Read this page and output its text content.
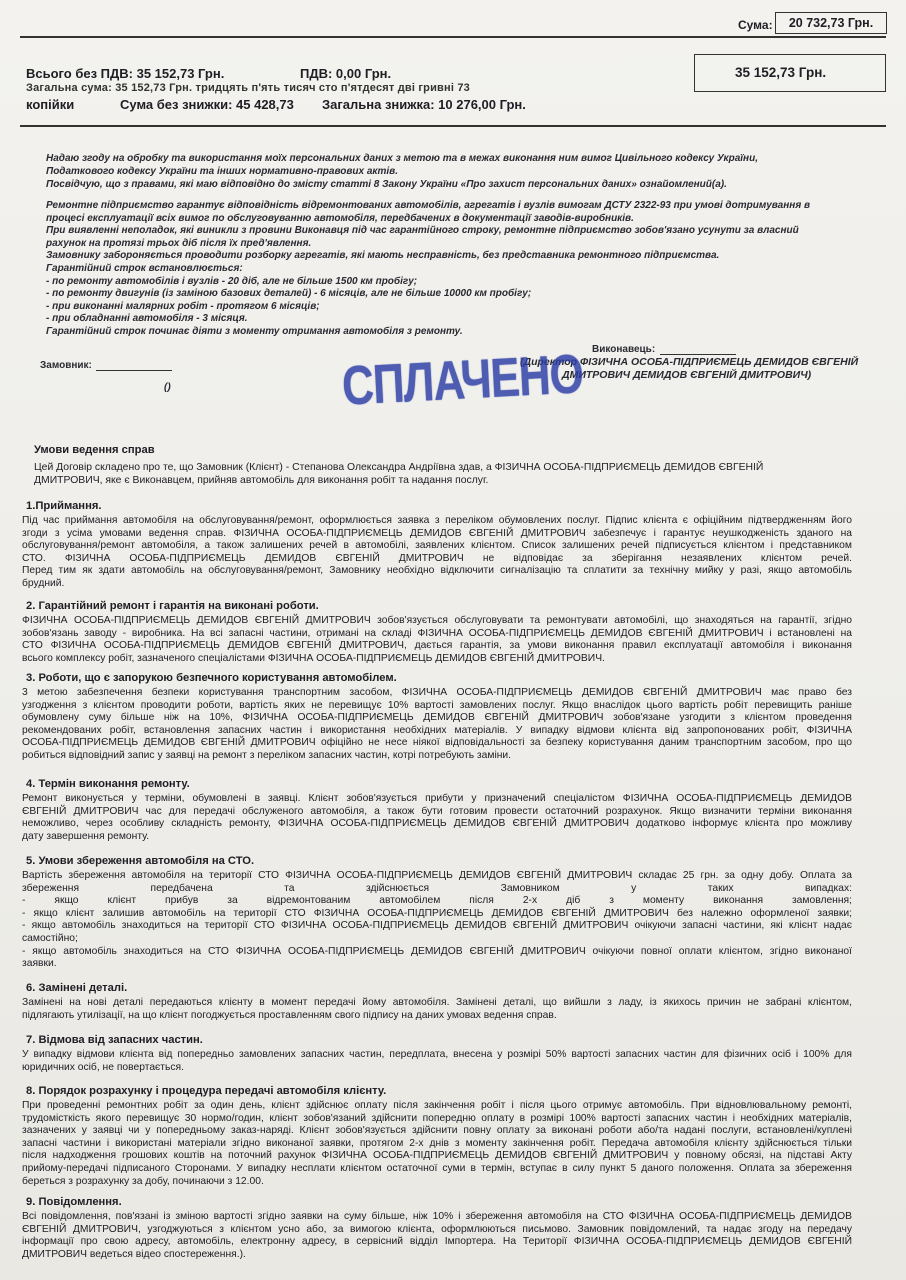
Сума:	20 732,73 Грн.
Всього без ПДВ: 35 152,73 Грн.	ПДВ: 0,00 Грн.	35 152,73 Грн.
Загальна сума: 35 152,73 Грн. тридцять п'ять тисяч сто п'ятдесят дві гривні 73
копійки	Сума без знижки: 45 428,73 Загальна знижка: 10 276,00 Грн.
Надаю згоду на обробку та використання моїх персональних даних з метою та в межах виконання ним вимог Цивільного кодексу України,
Податкового кодексу України та інших нормативно-правових актів.
Посвідчую, що з правами, які маю відповідно до змісту статті 8 Закону України «Про захист персональних даних» ознайомлений(а).
Ремонтне підприємство гарантує відповідність відремонтованих автомобілів, агрегатів і вузлів вимогам ДСТУ 2322-93 при умові дотримування в
процесі експлуатації всіх вимог по обслуговуванню автомобіля, передбачених в документації заводів-виробників.
При виявленні неполадок, які виникли з провини Виконавця під час гарантійного строку, ремонтне підприємство зобов'язано усунути за власний
рахунок на протязі трьох діб після їх пред'явлення.
Замовнику забороняється проводити розборку агрегатів, які мають несправність, без представника ремонтного підприємства.
Гарантійний строк встановлюється:
- по ремонту автомобілів і вузлів - 20 діб, але не більше 1500 км пробігу;
- по ремонту двигунів (із заміною базових деталей) - 6 місяців, але не більше 10000 км пробігу;
- при виконанні малярних робіт - протягом 6 місяців;
- при обладнанні автомобіля - 3 місяця.
Гарантійний строк починає діяти з моменту отримання автомобіля з ремонту.
Замовник:
()
Виконавець:
(Директор ФІЗИЧНА ОСОБА-ПІДПРИЄМЕЦЬ ДЕМИДОВ ЄВГЕНІЙ
ДМИТРОВИЧ ДЕМИДОВ ЄВГЕНІЙ ДМИТРОВИЧ)
СПЛАЧЕНО
Умови ведення справ
Цей Договір складено про те, що Замовник (Клієнт) - Степанова Олександра Андріївна здав, а ФІЗИЧНА ОСОБА-ПІДПРИЄМЕЦЬ ДЕМИДОВ ЄВГЕНІЙ
ДМИТРОВИЧ, яке є Виконавцем, прийняв автомобіль для виконання робіт та надання послуг.
1.Приймання.
Під час приймання автомобіля на обслуговування/ремонт, оформлюється заявка з переліком обумовлених послуг. Підпис клієнта є офіційним підтвердженням його
згоди з усіма умовами ведення справ. ФІЗИЧНА ОСОБА-ПІДПРИЄМЕЦЬ ДЕМИДОВ ЄВГЕНІЙ ДМИТРОВИЧ забезпечує і гарантує неушкодженість зданого на
обслуговування/ремонт автомобіля, а також залишених речей в автомобілі, заявлених клієнтом. Список залишених речей підписується клієнтом і представником
СТО. ФІЗИЧНА ОСОБА-ПІДПРИЄМЕЦЬ ДЕМИДОВ ЄВГЕНІЙ ДМИТРОВИЧ не відповідає за зберігання незаявлених клієнтом речей.
Перед тим як здати автомобіль на обслуговування/ремонт, Замовнику необхідно відключити сигналізацію та сплатити за технічну мийку у разі, якщо автомобіль
брудний.
2. Гарантійний ремонт і гарантія на виконані роботи.
ФІЗИЧНА ОСОБА-ПІДПРИЄМЕЦЬ ДЕМИДОВ ЄВГЕНІЙ ДМИТРОВИЧ зобов'язується обслуговувати та ремонтувати автомобілі, що знаходяться на гарантії, згідно
зобов'язань заводу - виробника. На всі запасні частини, отримані на складі ФІЗИЧНА ОСОБА-ПІДПРИЄМЕЦЬ ДЕМИДОВ ЄВГЕНІЙ ДМИТРОВИЧ і встановлені на
СТО ФІЗИЧНА ОСОБА-ПІДПРИЄМЕЦЬ ДЕМИДОВ ЄВГЕНІЙ ДМИТРОВИЧ, дається гарантія, за умови виконання правил експлуатації автомобіля і виконання
всього комплексу робіт, зазначеного спеціалістами ФІЗИЧНА ОСОБА-ПІДПРИЄМЕЦЬ ДЕМИДОВ ЄВГЕНІЙ ДМИТРОВИЧ.
3. Роботи, що є запорукою безпечного користування автомобілем.
3 метою забезпечення безпеки користування транспортним засобом, ФІЗИЧНА ОСОБА-ПІДПРИЄМЕЦЬ ДЕМИДОВ ЄВГЕНІЙ ДМИТРОВИЧ має право без
узгодження з клієнтом проводити роботи, вартість яких не перевищує 10% вартості замовлених послуг. Якщо внаслідок цього вартість робіт перевищить раніше
обумовлену суму більше ніж на 10%, ФІЗИЧНА ОСОБА-ПІДПРИЄМЕЦЬ ДЕМИДОВ ЄВГЕНІЙ ДМИТРОВИЧ зобов'язане узгодити з клієнтом проведення
рекомендованих робіт, встановлення запасних частин і використання необхідних матеріалів. У випадку відмови клієнта від запропонованих робіт, ФІЗИЧНА
ОСОБА-ПІДПРИЄМЕЦЬ ДЕМИДОВ ЄВГЕНІЙ ДМИТРОВИЧ офіційно не несе ніякої відповідальності за безпеку користування даним транспортним засобом, про що
робиться відповідний запис у заявці на ремонт з переліком запасних частин, котрі потребують заміни.
4. Термін виконання ремонту.
Ремонт виконується у терміни, обумовлені в заявці. Клієнт зобов'язується прибути у призначений спеціалістом ФІЗИЧНА ОСОБА-ПІДПРИЄМЕЦЬ ДЕМИДОВ
ЄВГЕНІЙ ДМИТРОВИЧ час для передачі обслуженого автомобіля, а також бути готовим провести остаточний розрахунок. Якщо визначити терміни виконання
неможливо, через особливу складність ремонту, ФІЗИЧНА ОСОБА-ПІДПРИЄМЕЦЬ ДЕМИДОВ ЄВГЕНІЙ ДМИТРОВИЧ додатково інформує клієнта про можливу
дату завершення ремонту.
5. Умови збереження автомобіля на СТО.
Вартість збереження автомобіля на території СТО ФІЗИЧНА ОСОБА-ПІДПРИЄМЕЦЬ ДЕМИДОВ ЄВГЕНІЙ ДМИТРОВИЧ складає 25 грн. за одну добу. Оплата за
збереження передбачена та здійснюється Замовником у таких випадках:
- якщо клієнт прибув за відремонтованим автомобілем після 2-х діб з моменту виконання замовлення;
- якщо клієнт залишив автомобіль на території СТО ФІЗИЧНА ОСОБА-ПІДПРИЄМЕЦЬ ДЕМИДОВ ЄВГЕНІЙ ДМИТРОВИЧ без належно оформленої заявки;
- якщо автомобіль знаходиться на території СТО ФІЗИЧНА ОСОБА-ПІДПРИЄМЕЦЬ ДЕМИДОВ ЄВГЕНІЙ ДМИТРОВИЧ очікуючи запасні частини, які клієнт надає
самостійно;
- якщо автомобіль знаходиться на СТО ФІЗИЧНА ОСОБА-ПІДПРИЄМЕЦЬ ДЕМИДОВ ЄВГЕНІЙ ДМИТРОВИЧ очікуючи повної оплати клієнтом, згідно виконаної
заявки.
6. Замінені деталі.
Замінені на нові деталі передаються клієнту в момент передачі йому автомобіля. Замінені деталі, що вийшли з ладу, із якихось причин не забрані клієнтом,
підлягають утилізації, на що клієнт погоджується проставленням свого підпису на даних умовах ведення справ.
7. Відмова від запасних частин.
У випадку відмови клієнта від попередньо замовлених запасних частин, передплата, внесена у розмірі 50% вартості запасних частин для фізичних осіб і 100% для
юридичних осіб, не повертається.
8. Порядок розрахунку і процедура передачі автомобіля клієнту.
При проведенні ремонтних робіт за один день, клієнт здійснює оплату після закінчення робіт і після цього отримує автомобіль. При відновлювальному ремонті,
трудомісткість якого перевищує 30 нормо/годин, клієнт зобов'язаний здійснити попередню оплату в розмірі 100% вартості запасних частин і необхідних матеріалів,
зазначених у заявці чи у попередньому заказ-наряді. Клієнт зобов'язується здійснити повну оплату за виконані роботи або/та надані послуги, встановлені/куплені
запасні частини і використані матеріали згідно виконаної заявки, протягом 2-х днів з моменту закінчення робіт. Передача автомобіля клієнту здійснюється тільки
після надходження грошових коштів на поточний рахунок ФІЗИЧНА ОСОБА-ПІДПРИЄМЕЦЬ ДЕМИДОВ ЄВГЕНІЙ ДМИТРОВИЧ у повному обсязі, на підставі Акту
прийому-передачі підписаного Сторонами. У випадку несплати клієнтом остаточної суми в термін, вступає в силу пункт 5 даного положення. Оплата за збереження
береться з розрахунку за добу, починаючи з 12.00.
9. Повідомлення.
Всі повідомлення, пов'язані із зміною вартості згідно заявки на суму більше, ніж 10% і збереження автомобіля на СТО ФІЗИЧНА ОСОБА-ПІДПРИЄМЕЦЬ ДЕМИДОВ
ЄВГЕНІЙ ДМИТРОВИЧ, узгоджуються з клієнтом усно або, за вимогою клієнта, оформлюються письмово. Замовник повідомлений, та надає згоду на передачу
інформації про свою адресу, автомобіль, електронну адресу, в сервісний відділ Імпортера. На Території ФІЗИЧНА ОСОБА-ПІДПРИЄМЕЦЬ ДЕМИДОВ ЄВГЕНІЙ
ДМИТРОВИЧ ведеться відео спостереження.).
